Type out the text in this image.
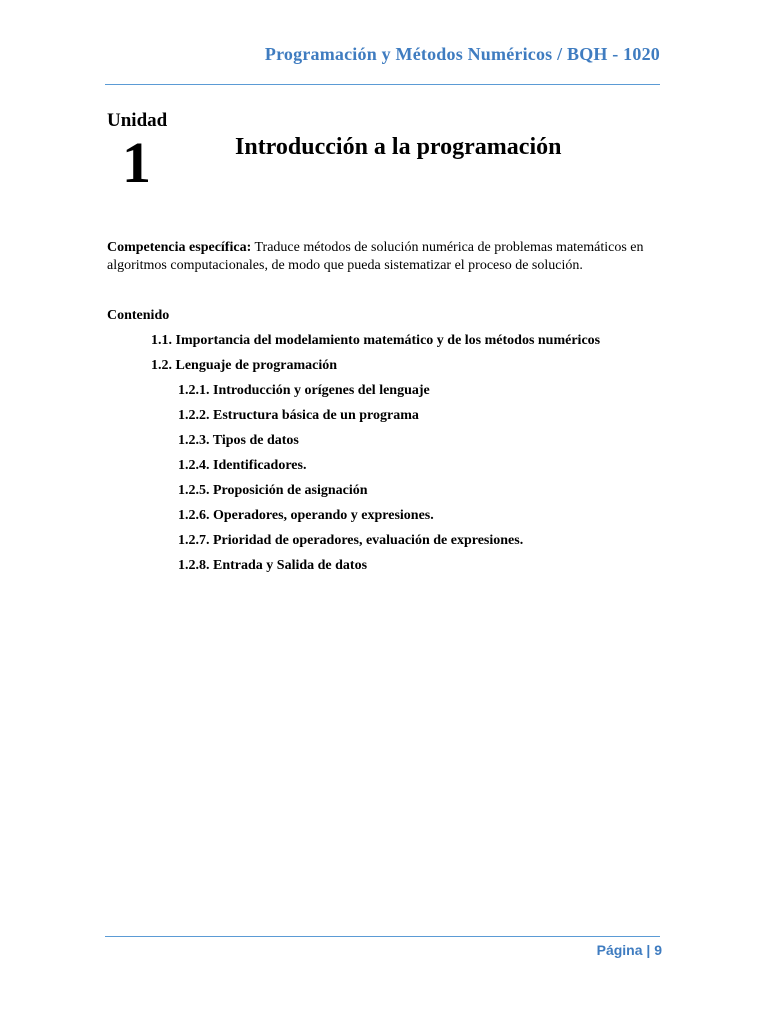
Programación y Métodos Numéricos / BQH - 1020
Unidad
1	Introducción a la programación
Competencia específica: Traduce métodos de solución numérica de problemas matemáticos en algoritmos computacionales, de modo que pueda sistematizar el proceso de solución.
Contenido
1.1. Importancia del modelamiento matemático y de los métodos numéricos
1.2. Lenguaje de programación
1.2.1. Introducción y orígenes del lenguaje
1.2.2. Estructura básica de un programa
1.2.3. Tipos de datos
1.2.4. Identificadores.
1.2.5. Proposición de asignación
1.2.6. Operadores, operando y expresiones.
1.2.7. Prioridad de operadores, evaluación de expresiones.
1.2.8. Entrada y Salida de datos
Página | 9
